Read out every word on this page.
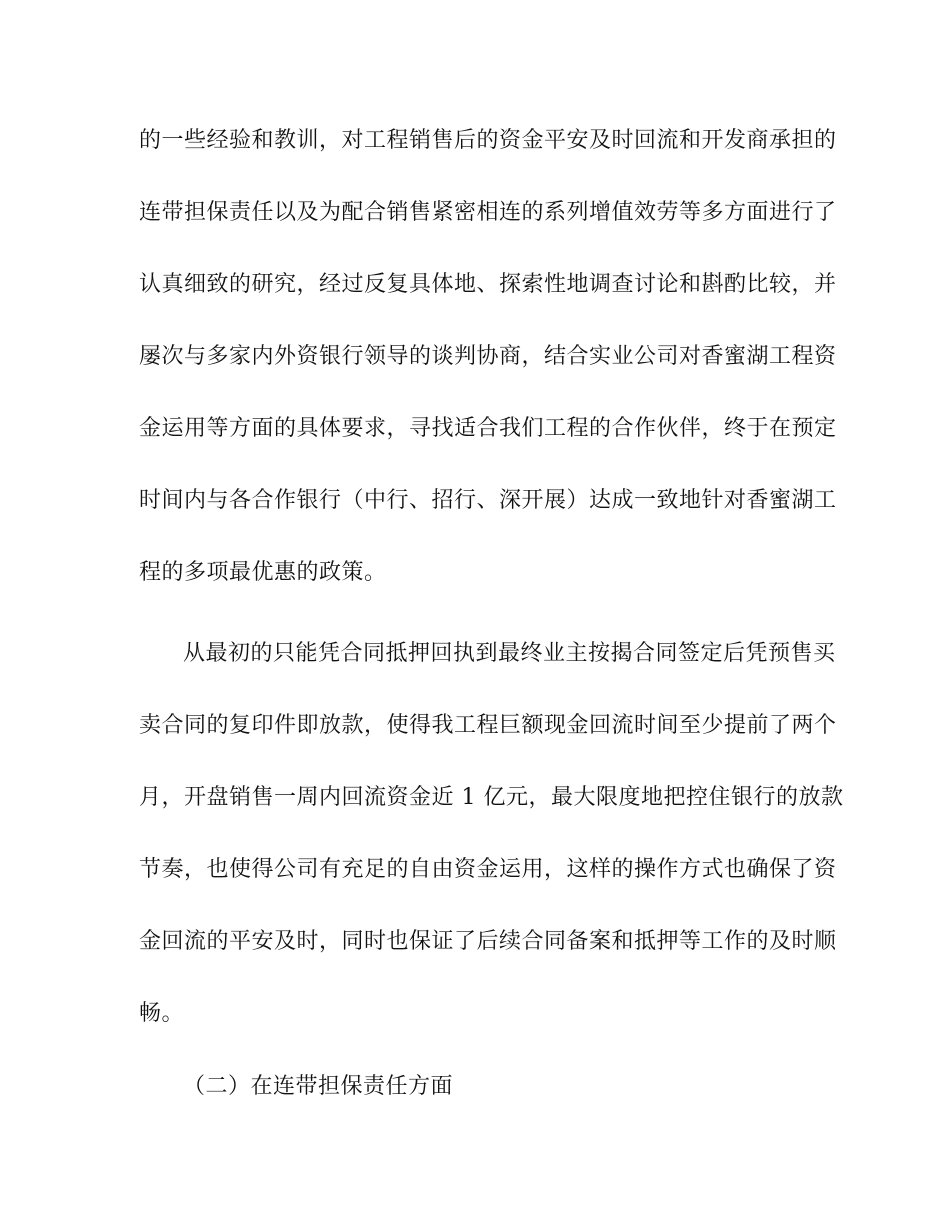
的一些经验和教训，对工程销售后的资金平安及时回流和开发商承担的
连带担保责任以及为配合销售紧密相连的系列增值效劳等多方面进行了
认真细致的研究，经过反复具体地、探索性地调查讨论和斟酌比较，并
屡次与多家内外资银行领导的谈判协商，结合实业公司对香蜜湖工程资
金运用等方面的具体要求，寻找适合我们工程的合作伙伴，终于在预定
时间内与各合作银行（中行、招行、深开展）达成一致地针对香蜜湖工
程的多项最优惠的政策。
从最初的只能凭合同抵押回执到最终业主按揭合同签定后凭预售买
卖合同的复印件即放款，使得我工程巨额现金回流时间至少提前了两个
月，开盘销售一周内回流资金近 1 亿元，最大限度地把控住银行的放款
节奏，也使得公司有充足的自由资金运用，这样的操作方式也确保了资
金回流的平安及时，同时也保证了后续合同备案和抵押等工作的及时顺
畅。
（二）在连带担保责任方面
